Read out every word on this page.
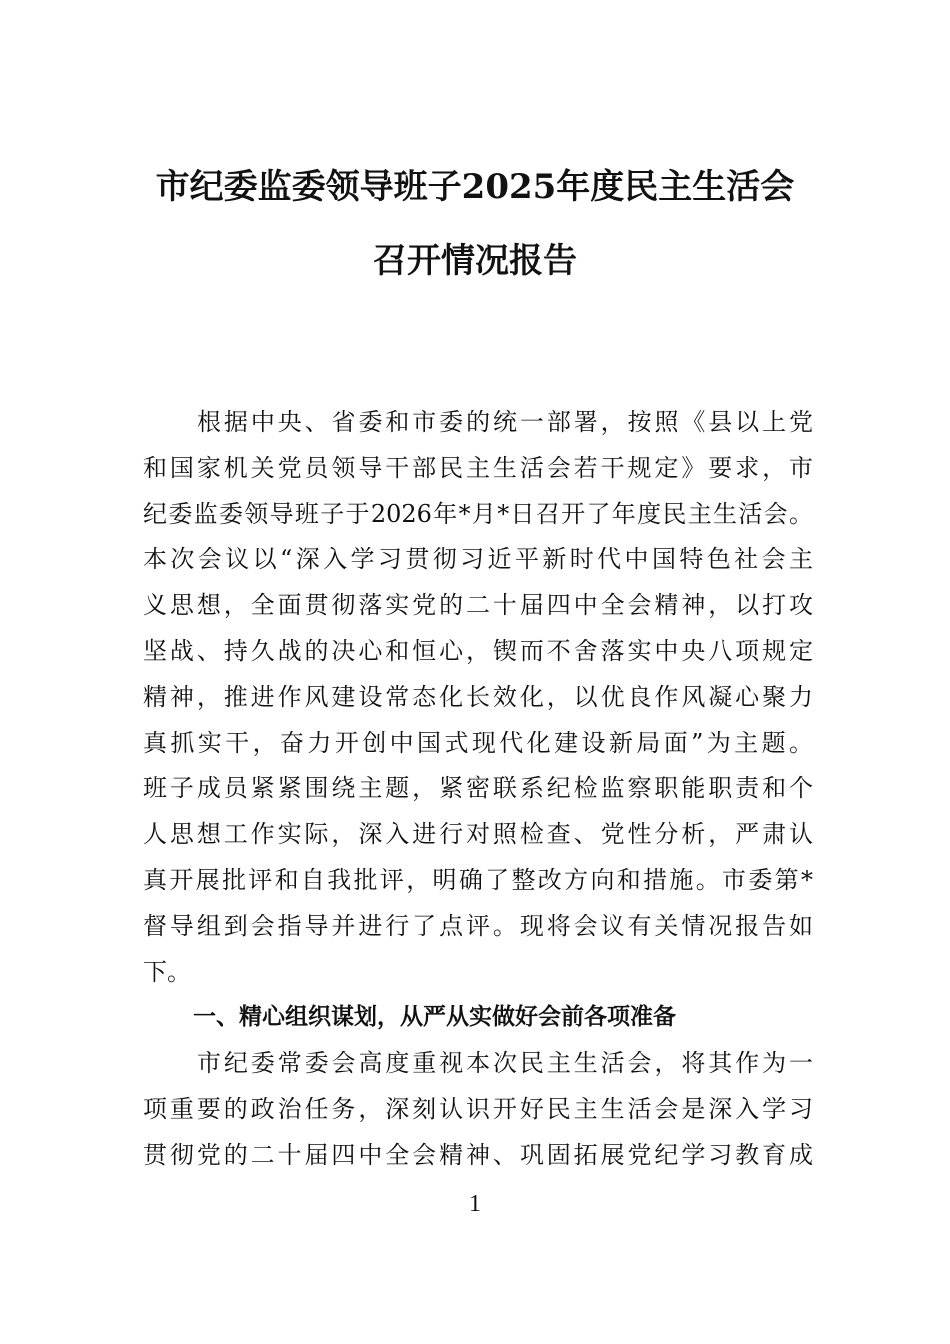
市纪委监委领导班子2025年度民主生活会
召开情况报告
根据中央、省委和市委的统一部署，按照《县以上党
和国家机关党员领导干部民主生活会若干规定》要求，市
纪委监委领导班子于2026年*月*日召开了年度民主生活会。
本次会议以“深入学习贯彻习近平新时代中国特色社会主
义思想，全面贯彻落实党的二十届四中全会精神，以打攻
坚战、持久战的决心和恒心，锲而不舍落实中央八项规定
精神，推进作风建设常态化长效化，以优良作风凝心聚力
真抓实干，奋力开创中国式现代化建设新局面”为主题。
班子成员紧紧围绕主题，紧密联系纪检监察职能职责和个
人思想工作实际，深入进行对照检查、党性分析，严肃认
真开展批评和自我批评，明确了整改方向和措施。市委第*
督导组到会指导并进行了点评。现将会议有关情况报告如
下。
一、精心组织谋划，从严从实做好会前各项准备
市纪委常委会高度重视本次民主生活会，将其作为一
项重要的政治任务，深刻认识开好民主生活会是深入学习
贯彻党的二十届四中全会精神、巩固拓展党纪学习教育成
1
